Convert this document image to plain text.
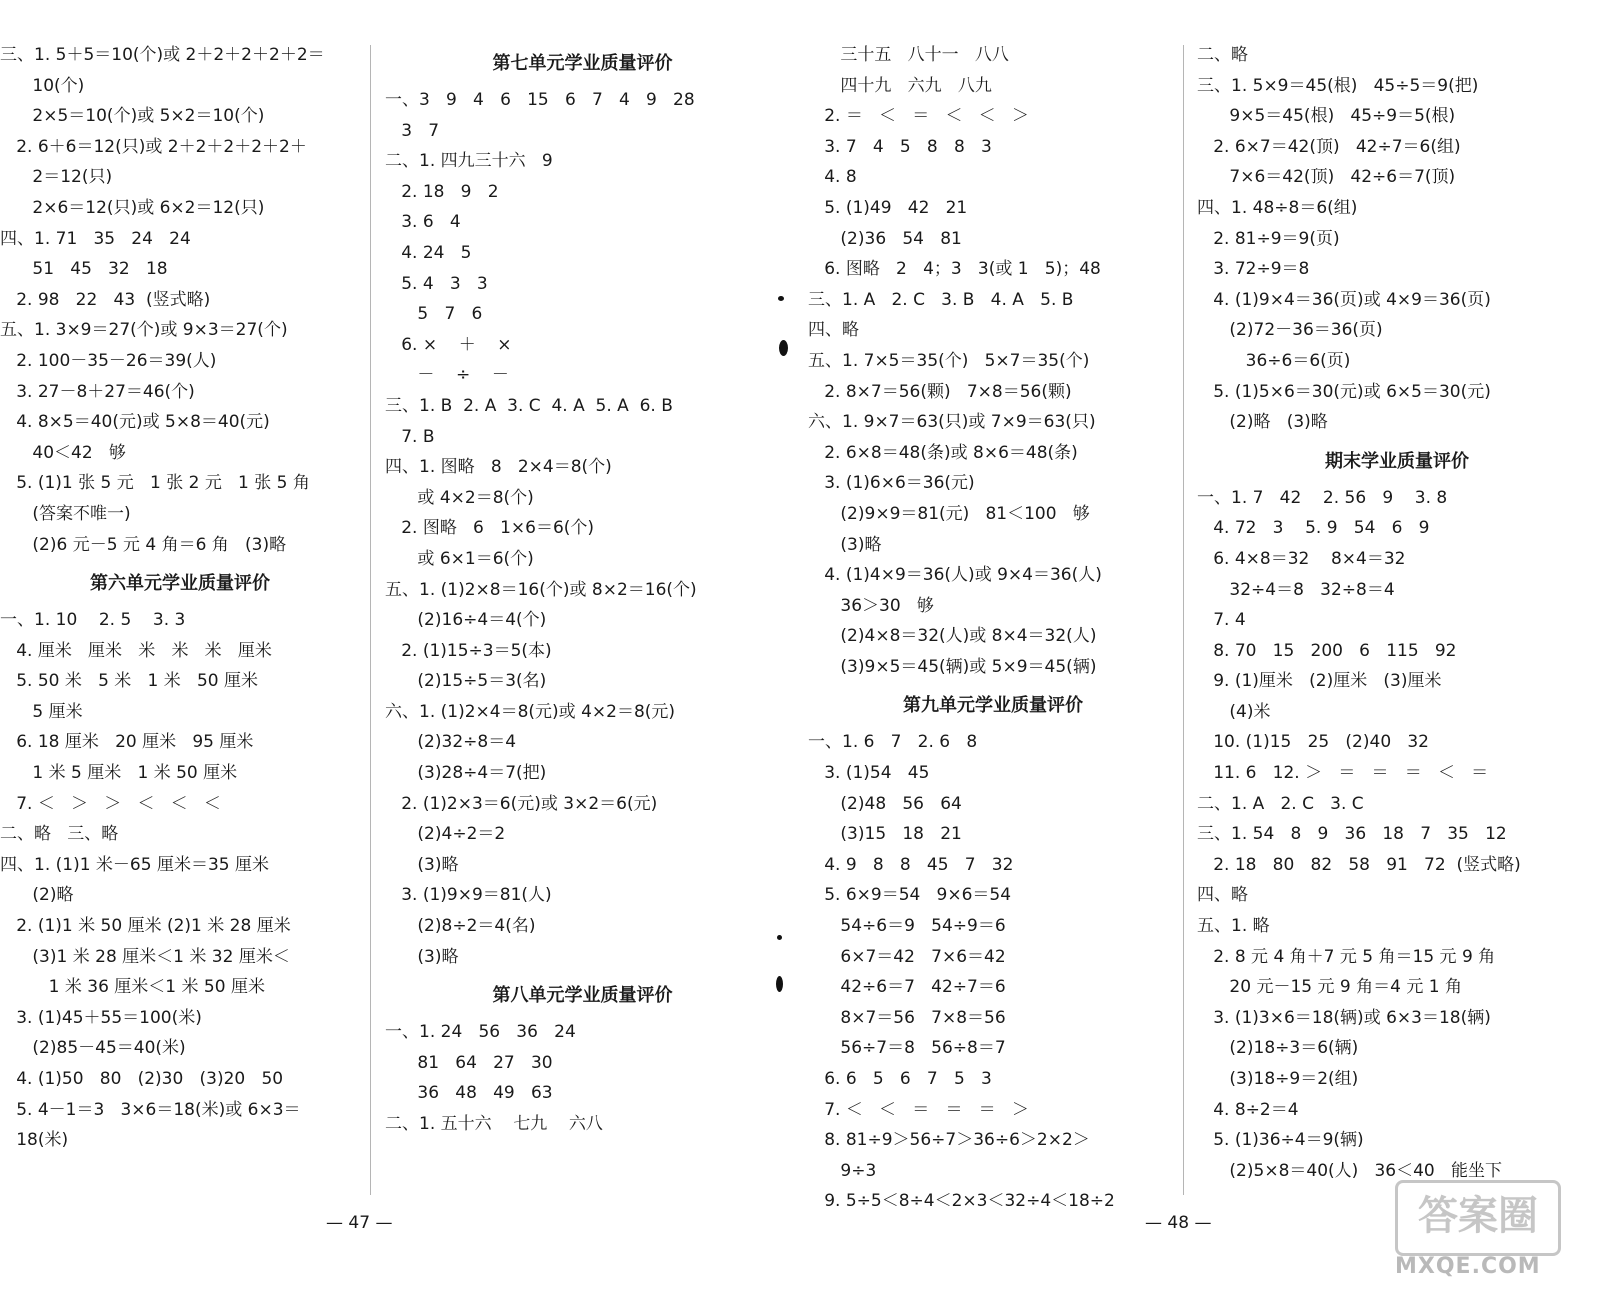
三、1. 5＋5＝10(个)或 2＋2＋2＋2＋2＝
10(个)
2×5＝10(个)或 5×2＝10(个)
2. 6＋6＝12(只)或 2＋2＋2＋2＋2＋
2＝12(只)
2×6＝12(只)或 6×2＝12(只)
四、1. 71   35   24   24
51   45   32   18
2. 98   22   43  (竖式略)
五、1. 3×9＝27(个)或 9×3＝27(个)
2. 100－35－26＝39(人)
3. 27－8＋27＝46(个)
4. 8×5＝40(元)或 5×8＝40(元)
40＜42   够
5. (1)1 张 5 元   1 张 2 元   1 张 5 角
(答案不唯一)
(2)6 元－5 元 4 角＝6 角   (3)略
第六单元学业质量评价
一、1. 10    2. 5    3. 3
4. 厘米   厘米   米   米   米   厘米
5. 50 米   5 米   1 米   50 厘米
5 厘米
6. 18 厘米   20 厘米   95 厘米
1 米 5 厘米   1 米 50 厘米
7. ＜   ＞   ＞   ＜   ＜   ＜
二、略   三、略
四、1. (1)1 米－65 厘米＝35 厘米
(2)略
2. (1)1 米 50 厘米 (2)1 米 28 厘米
(3)1 米 28 厘米＜1 米 32 厘米＜
1 米 36 厘米＜1 米 50 厘米
3. (1)45＋55＝100(米)
(2)85－45＝40(米)
4. (1)50   80   (2)30   (3)20   50
5. 4－1＝3   3×6＝18(米)或 6×3＝
18(米)
第七单元学业质量评价
一、3   9   4   6   15   6   7   4   9   28
3   7
二、1. 四九三十六   9
2. 18   9   2
3. 6   4
4. 24   5
5. 4   3   3
5   7   6
6. ×    ＋    ×
－    ÷    －
三、1. B  2. A  3. C  4. A  5. A  6. B
7. B
四、1. 图略   8   2×4＝8(个)
或 4×2＝8(个)
2. 图略   6   1×6＝6(个)
或 6×1＝6(个)
五、1. (1)2×8＝16(个)或 8×2＝16(个)
(2)16÷4＝4(个)
2. (1)15÷3＝5(本)
(2)15÷5＝3(名)
六、1. (1)2×4＝8(元)或 4×2＝8(元)
(2)32÷8＝4
(3)28÷4＝7(把)
2. (1)2×3＝6(元)或 3×2＝6(元)
(2)4÷2＝2
(3)略
3. (1)9×9＝81(人)
(2)8÷2＝4(名)
(3)略
第八单元学业质量评价
一、1. 24   56   36   24
81   64   27   30
36   48   49   63
二、1. 五十六    七九    六八
三十五   八十一   八八
四十九   六九   八九
2. ＝   ＜   ＝   ＜   ＜   ＞
3. 7   4   5   8   8   3
4. 8
5. (1)49   42   21
(2)36   54   81
6. 图略   2   4；3   3(或 1   5)；48
三、1. A   2. C   3. B   4. A   5. B
四、略
五、1. 7×5＝35(个)   5×7＝35(个)
2. 8×7＝56(颗)   7×8＝56(颗)
六、1. 9×7＝63(只)或 7×9＝63(只)
2. 6×8＝48(条)或 8×6＝48(条)
3. (1)6×6＝36(元)
(2)9×9＝81(元)   81＜100   够
(3)略
4. (1)4×9＝36(人)或 9×4＝36(人)
36＞30   够
(2)4×8＝32(人)或 8×4＝32(人)
(3)9×5＝45(辆)或 5×9＝45(辆)
第九单元学业质量评价
一、1. 6   7   2. 6   8
3. (1)54   45
(2)48   56   64
(3)15   18   21
4. 9   8   8   45   7   32
5. 6×9＝54   9×6＝54
54÷6＝9   54÷9＝6
6×7＝42   7×6＝42
42÷6＝7   42÷7＝6
8×7＝56   7×8＝56
56÷7＝8   56÷8＝7
6. 6   5   6   7   5   3
7. ＜   ＜   ＝   ＝   ＝   ＞
8. 81÷9＞56÷7＞36÷6＞2×2＞
9÷3
9. 5÷5＜8÷4＜2×3＜32÷4＜18÷2
二、略
三、1. 5×9＝45(根)   45÷5＝9(把)
9×5＝45(根)   45÷9＝5(根)
2. 6×7＝42(顶)   42÷7＝6(组)
7×6＝42(顶)   42÷6＝7(顶)
四、1. 48÷8＝6(组)
2. 81÷9＝9(页)
3. 72÷9＝8
4. (1)9×4＝36(页)或 4×9＝36(页)
(2)72－36＝36(页)
36÷6＝6(页)
5. (1)5×6＝30(元)或 6×5＝30(元)
(2)略   (3)略
期末学业质量评价
一、1. 7   42    2. 56   9    3. 8
4. 72   3    5. 9   54   6   9
6. 4×8＝32    8×4＝32
32÷4＝8   32÷8＝4
7. 4
8. 70   15   200   6   115   92
9. (1)厘米   (2)厘米   (3)厘米
(4)米
10. (1)15   25   (2)40   32
11. 6   12. ＞   ＝   ＝   ＝   ＜   ＝
二、1. A   2. C   3. C
三、1. 54   8   9   36   18   7   35   12
2. 18   80   82   58   91   72  (竖式略)
四、略
五、1. 略
2. 8 元 4 角＋7 元 5 角＝15 元 9 角
20 元－15 元 9 角＝4 元 1 角
3. (1)3×6＝18(辆)或 6×3＝18(辆)
(2)18÷3＝6(辆)
(3)18÷9＝2(组)
4. 8÷2＝4
5. (1)36÷4＝9(辆)
(2)5×8＝40(人)   36＜40   能坐下
— 47 —	— 48 —	答案圈
MXQE.COM
